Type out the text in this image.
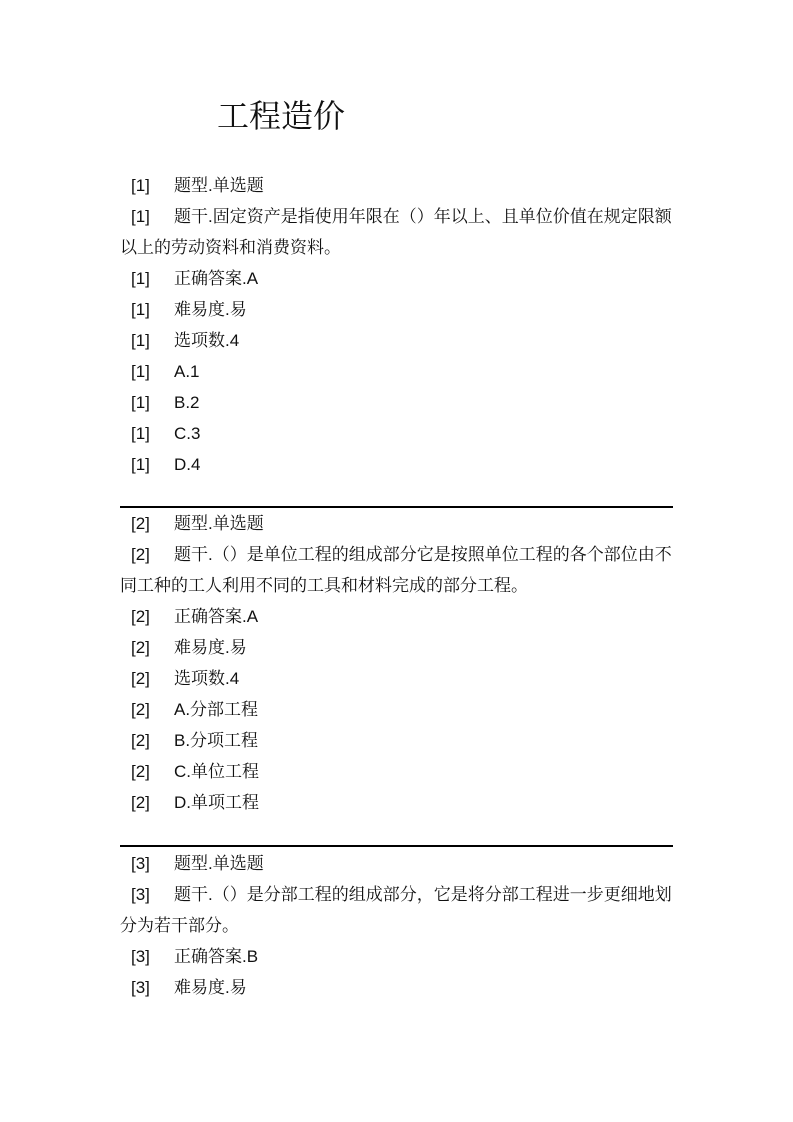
工程造价
[1] 题型.单选题
[1] 题干.固定资产是指使用年限在（）年以上、且单位价值在规定限额以上的劳动资料和消费资料。
[1] 正确答案.A
[1] 难易度.易
[1] 选项数.4
[1] A.1
[1] B.2
[1] C.3
[1] D.4
[2] 题型.单选题
[2] 题干.（）是单位工程的组成部分它是按照单位工程的各个部位由不同工种的工人利用不同的工具和材料完成的部分工程。
[2] 正确答案.A
[2] 难易度.易
[2] 选项数.4
[2] A.分部工程
[2] B.分项工程
[2] C.单位工程
[2] D.单项工程
[3] 题型.单选题
[3] 题干.（）是分部工程的组成部分，它是将分部工程进一步更细地划分为若干部分。
[3] 正确答案.B
[3] 难易度.易
